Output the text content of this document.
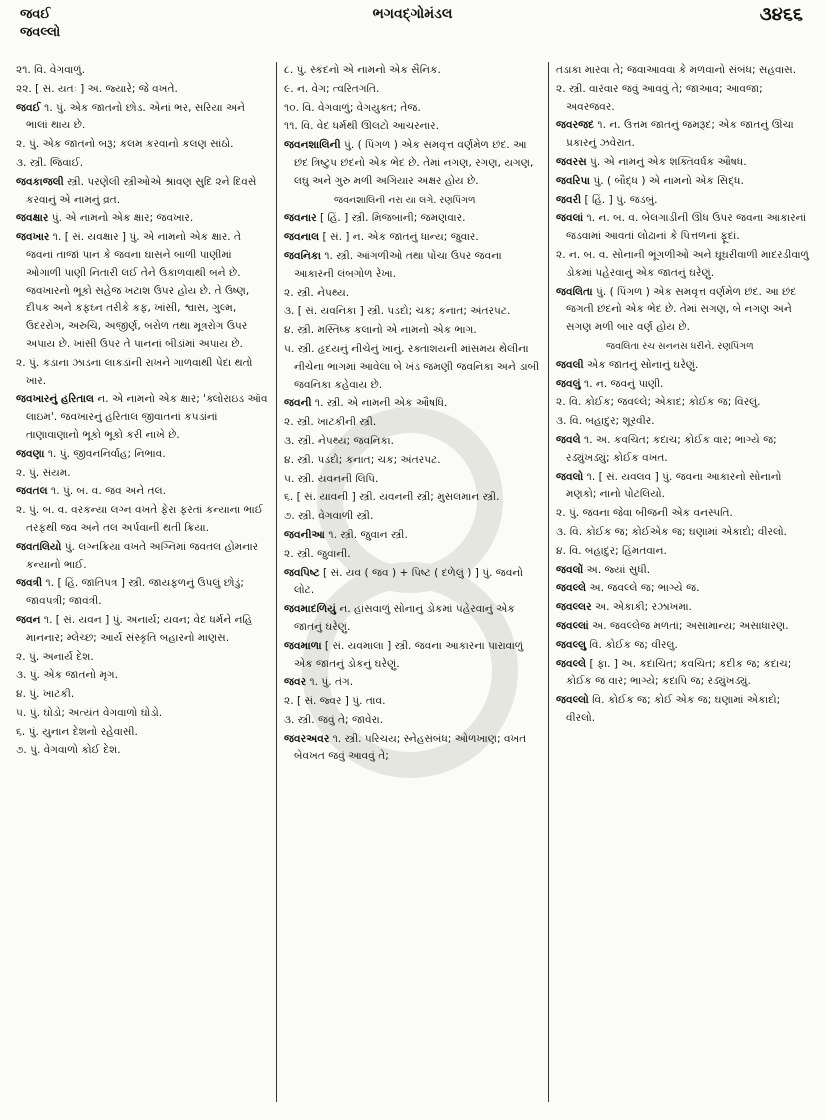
જવઈ
જવલ્લો
ભગવદ્ગોમંડલ	૩૪૬૬
૨૧. વિ. વેગવાળું.
૨૨. [ સં. યતઃ ] અ. જ્યારે; જે વખતે.
જવઈ ૧. પું. એક જાતનો છોડ. એનાં ભર, સરિયા અને ભાલાં થાય છે.
૨. પું. એક જાતનો બરૂ; કલમ કરવાનો કલણ સાંઠો.
૩. સ્ત્રી. જિવાઈ.
જવકાજલી સ્ત્રી. પરણેલી સ્ત્રીઓએ શ્રાવણ સુદિ ૨ને દિવસે કરવાનું એ નામનું વ્રત.
જવક્ષાર પું. એ નામનો એક ક્ષાર; જવખાર.
જવખાર ૧. [ સં. યવક્ષાર ] પું. એ નામનો એક ક્ષાર. તે જવનાં તાજાં પાન કે જવના ઘાસને બાળી પાણીમાં ઓગાળી પાણી નિતારી લઈ તેને ઉકાળવાથી બને છે. જવખારનો ભૂકો સહેજ ખટાશ ઉપર હોય છે. તે ઉષ્ણ, દીપક અને કફઘ્ન તરીકે કફ, ખાંસી, શ્વાસ, ગુલ્મ, ઉદરરોગ, અરુચિ, અજીર્ણ, બરોળ તથા મૂત્રરોગ ઉપર અપાય છે. ખાંસી ઉપર તે પાનનાં બીડાંમાં અપાય છે.
૨. પું. કડાના ઝાડના લાકડાંની રાખને ગાળવાથી પેદા થતો ખાર.
જવખારનું હરિતાલ ન. એ નામનો એક ક્ષાર; 'ક્લોરાઇડ ઑવ લાઇમ'. જવખારનું હરિતાલ જીવાતનાં કપડાંનાં તાણાવાણાનો ભૂકો ભૂકો કરી નાખે છે.
જવણા ૧. પું. જીવનનિર્વાહ; નિભાવ.
૨. પું. સંયમ.
જવતલ ૧. પું. બ. વ. જવ અને તલ.
૨. પું. બ. વ. વરકન્યા લગ્ન વખતે ફેરા ફરતાં કન્યાના ભાઈ તરફથી જવ અને તલ અર્પવાની થતી ક્રિયા.
જવતલિયો પું. લગ્નક્રિયા વખતે અગ્નિમાં જવતલ હોમનાર કન્યાનો ભાઈ.
જવત્રી ૧. [ હિં. જાતિપત્ર ] સ્ત્રી. જાયફળનું ઉપલું છોડું; જાવપત્રી; જાવંત્રી.
જવન ૧. [ સં. યવન ] પું. અનાર્ય; યવન; વેદ ધર્મને નહિ માનનાર; મ્લેચ્છ; આર્ય સંસ્કૃતિ બહારનો માણસ.
૨. પું. અનાર્ય દેશ.
૩. પું. એક જાતનો મૃગ.
૪. પું. ખાટકી.
૫. પું. ઘોડો; અત્યંત વેગવાળો ઘોડો.
૬. પું. યુનાન દેશનો રહેવાસી.
૭. પું. વેગવાળો કોઈ દેશ.
૮. પું. સ્કંદનો એ નામનો એક સૈનિક.
૯. ન. વેગ; ત્વરિતગતિ.
૧૦. વિ. વેગવાળું; વેગયુક્ત; તેજ.
૧૧. વિ. વેદ ધર્મથી ઊલટો આચરનાર.
જવનશાલિની પું. ( પિંગળ ) એક સમવૃત્ત વર્ણમેળ છંદ. આ છંદ ત્રિષ્ટુપ છંદનો એક ભેદ છે. તેમાં નગણ, રગણ, યગણ, લઘુ અને ગુરુ મળી અગિયાર અક્ષર હોય છે.
જવનશાલિની નરા યા લગે. રણપિંગળ
જવનાર [ હિં. ] સ્ત્રી. મિજબાની; જમણવાર.
જવનાલ [ સં. ] ન. એક જાતનું ધાન્ય; જુવાર.
જવનિકા ૧. સ્ત્રી. આંગળીઓ તથા પોંચા ઉપર જવના આકારની લંબગોળ રેખા.
૨. સ્ત્રી. નેપથ્ય.
૩. [ સં. યવનિકા ] સ્ત્રી. પડદો; ચક; કનાત; અંતરપટ.
૪. સ્ત્રી. મસ્તિષ્ક કલાનો એ નામનો એક ભાગ.
૫. સ્ત્રી. હૃદયનું નીચેનું ખાનું. રક્તાશયની માંસમય થેલીના નીચેના ભાગમાં આવેલા બે ખંડ જમણી જવનિકા અને ડાબી જવનિકા કહેવાય છે.
જવની ૧. સ્ત્રી. એ નામની એક ઔષધિ.
૨. સ્ત્રી. ખાટકીની સ્ત્રી.
૩. સ્ત્રી. નેપથ્ય; જવનિકા.
૪. સ્ત્રી. પડદો; કનાત; ચક; અંતરપટ.
૫. સ્ત્રી. યવનની લિપિ.
૬. [ સં. યાવની ] સ્ત્રી. યવનની સ્ત્રી; મુસલમાન સ્ત્રી.
૭. સ્ત્રી. વેગવાળી સ્ત્રી.
જવનીઆ ૧. સ્ત્રી. જુવાન સ્ત્રી.
૨. સ્ત્રી. જુવાની.
જવપિષ્ટ [ સં. યવ ( જવ ) + પિષ્ટ ( દળેલું ) ] પું. જવનો લોટ.
જવમાદળિયું ન. હાંસવાળું સોનાનું ડોકમાં પહેરવાનું એક જાતનું ઘરેણું.
જવમાળા [ સં. યવમાલા ] સ્ત્રી. જવના આકારના પારાવાળું એક જાતનું ડોકનું ઘરેણું.
જવર ૧. પું. તંગ.
૨. [ સં. જ્વર ] પું. તાવ.
૩. સ્ત્રી. જવું તે; જાવેરા.
જવરઅવર ૧. સ્ત્રી. પરિચય; સ્નેહસંબંધ; ઓળખાણ; વખત બેવખત જવું આવવું તે;
તડાકા મારવા તે; જવાઆવવા કે મળવાનો સંબંધ; સહવાસ.
૨. સ્ત્રી. વારંવાર જવું આવવું તે; જાઆવ; આવજા; અવરજવર.
જવરજદ ૧. ન. ઉત્તમ જાતનું જમરૂદ; એક જાતનું ઊંચા પ્રકારનું ઝવેરાત.
જવરસ પું. એ નામનું એક શક્તિવર્ધક ઔષધ.
જવરિપા પું. ( બૌદ્ધ ) એ નામનો એક સિદ્ધ.
જવરી [ હિં. ] પું. જડબું.
જવલાં ૧. ન. બ. વ. બેલગાડીની ઊંધ ઉપર જવના આકારનાં જડવામાં આવતાં લોઢાનાં કે પિત્તળનાં ફૂદાં.
૨. ન. બ. વ. સોનાની ભૂંગળીઓ અને ઘૂઘરીવાળી માદરડીવાળું ડોકમાં પહેરવાનું એક જાતનું ઘરેણું.
જવલિતા પું. ( પિંગળ ) એક સમવૃત્ત વર્ણમેળ છંદ. આ છંદ જગતી છંદનો એક ભેદ છે. તેમાં સગણ, બે નગણ અને સગણ મળી બાર વર્ણ હોય છે.
જવલિતા રચ સનનસ ધરીને. રણપિંગળ
જવલી એક જાતનું સોનાનું ઘરેણું.
જવલું ૧. ન. જવનું પાણી.
૨. વિ. કોઈક; જવલ્લે; એકાદ; કોઈક જ; વિરલું.
૩. વિ. બહાદુર; શૂરવીર.
જવલે ૧. અ. કવચિત; કદાચ; કોઈક વાર; ભાગ્યે જ; રડ્યુંખડ્યું; કોઈક વખત.
જવલો ૧. [ સં. યવલવ ] પું. જવના આકારનો સોનાનો મણકો; નાનો પોટલિયો.
૨. પું. જવના જેવા બીજની એક વનસ્પતિ.
૩. વિ. કોઈક જ; કોઈએક જ; ઘણામાં એકાદો; વીરલો.
૪. વિ. બહાદુર; હિંમતવાન.
જવલોં અ. જ્યાં સુધી.
જવલ્લે અ. જવલ્લે જ; ભાગ્યે જ.
જવલ્લર અ. એકાકી; રઝાખમા.
જવલ્લાં અ. જવલ્લેજ મળતાં; અસામાન્ય; અસાધારણ.
જવલ્લુ વિ. કોઈક જ; વીરલુ.
જવલ્લે [ ફા. ] અ. કદાચિત; કવચિત; કદીક જ; કદાચ; કોઈક જ વાર; ભાગ્યે; કદાપિ જ; રડ્યુંખડ્યું.
જવલ્લો વિ. કોઈક જ; કોઈ એક જ; ઘણામાં એકાદો; વીરલો.
